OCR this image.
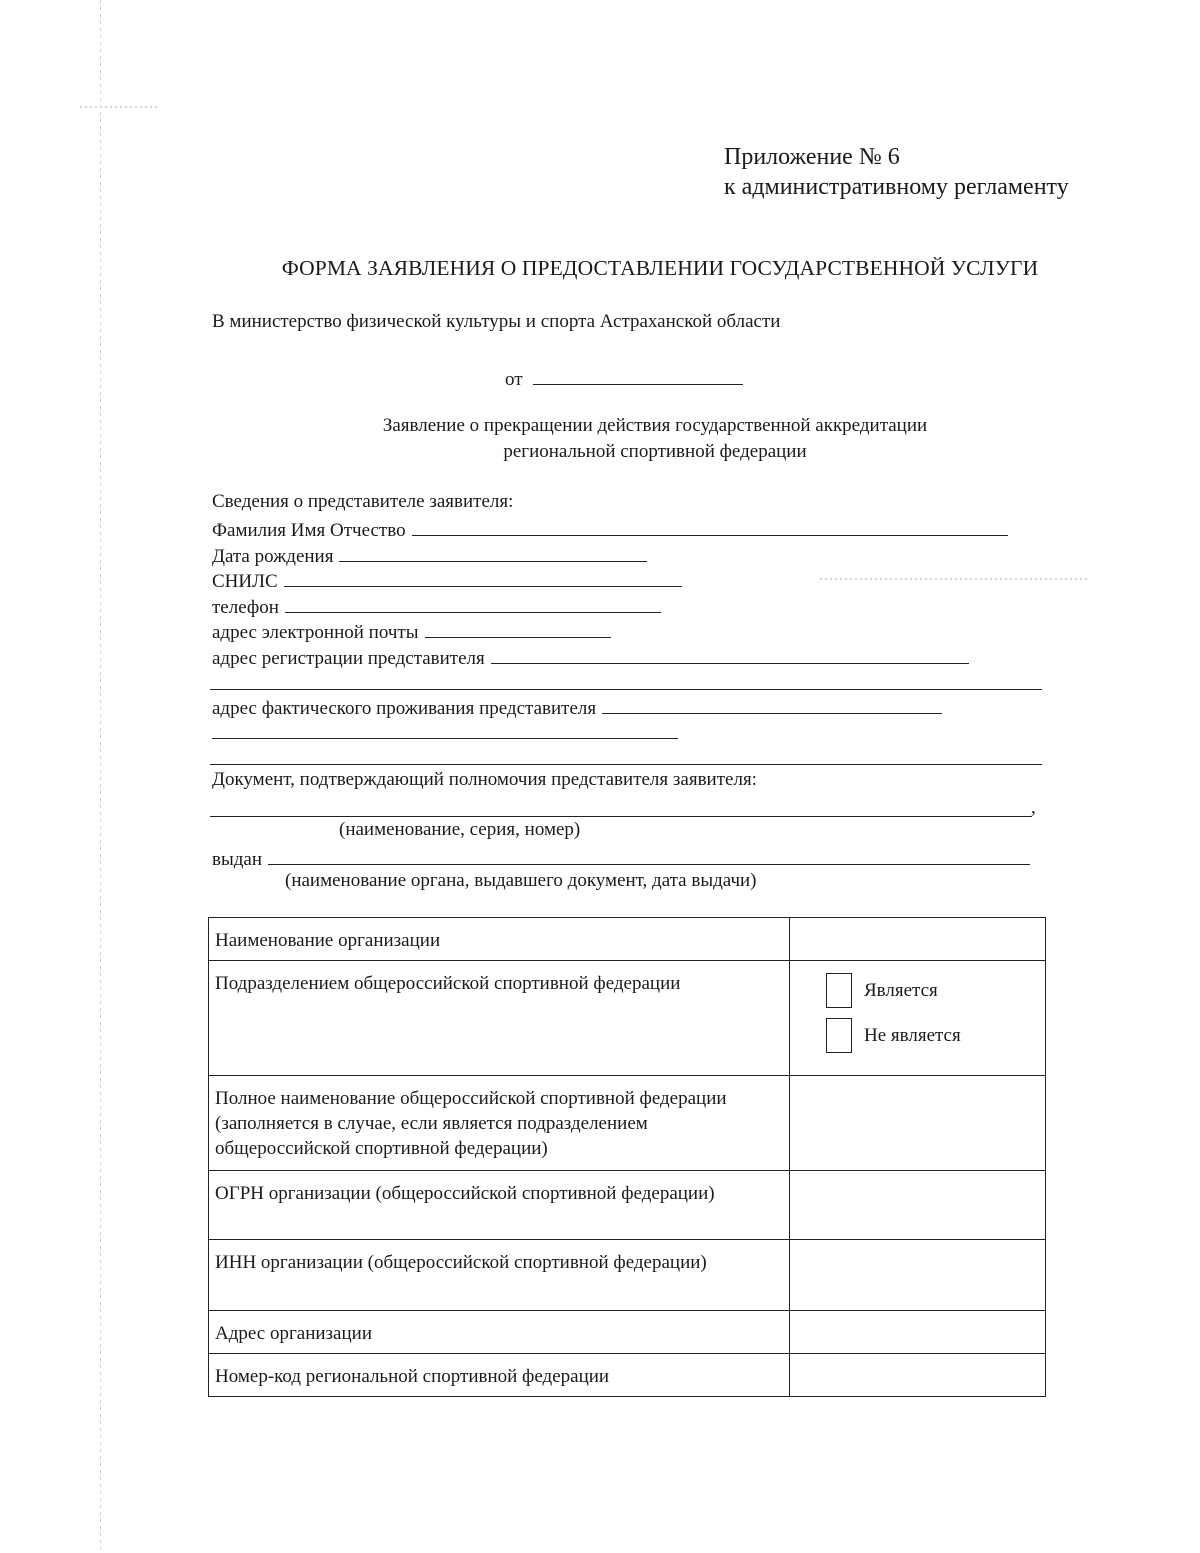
Приложение № 6
к административному регламенту
ФОРМА ЗАЯВЛЕНИЯ О ПРЕДОСТАВЛЕНИИ ГОСУДАРСТВЕННОЙ УСЛУГИ
В министерство физической культуры и спорта Астраханской области
от
Заявление о прекращении действия государственной аккредитации
региональной спортивной федерации
Сведения о представителе заявителя:
Фамилия Имя Отчество
Дата рождения
СНИЛС
телефон
адрес электронной почты
адрес регистрации представителя
адрес фактического проживания представителя
Документ, подтверждающий полномочия представителя заявителя:
,
(наименование, серия, номер)
выдан
(наименование органа, выдавшего документ, дата выдачи)
Наименование организации	
Подразделением общероссийской спортивной федерации	Является
Не является

Полное наименование общероссийской спортивной федерации (заполняется в случае, если является подразделением общероссийской спортивной федерации)	
ОГРН организации (общероссийской спортивной федерации)	
ИНН организации (общероссийской спортивной федерации)	
Адрес организации	
Номер-код региональной спортивной федерации	
